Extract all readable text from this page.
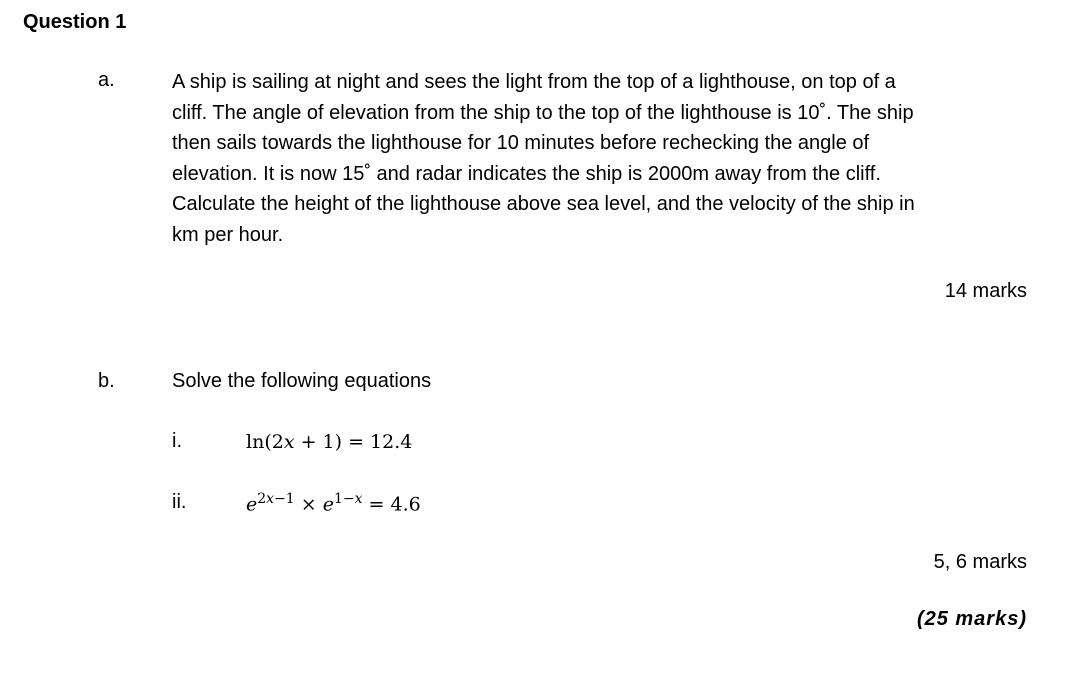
Question 1
a.	A ship is sailing at night and sees the light from the top of a lighthouse, on top of a
cliff. The angle of elevation from the ship to the top of the lighthouse is 10˚. The ship
then sails towards the lighthouse for 10 minutes before rechecking the angle of
elevation. It is now 15˚ and radar indicates the ship is 2000m away from the cliff.
Calculate the height of the lighthouse above sea level, and the velocity of the ship in
km per hour.
14 marks
b.	Solve the following equations
i.	ln(2x + 1) = 12.4
ii.	$e^{2x-1} \times e^{1-x} = 4.6$
5, 6 marks
(25 marks)
